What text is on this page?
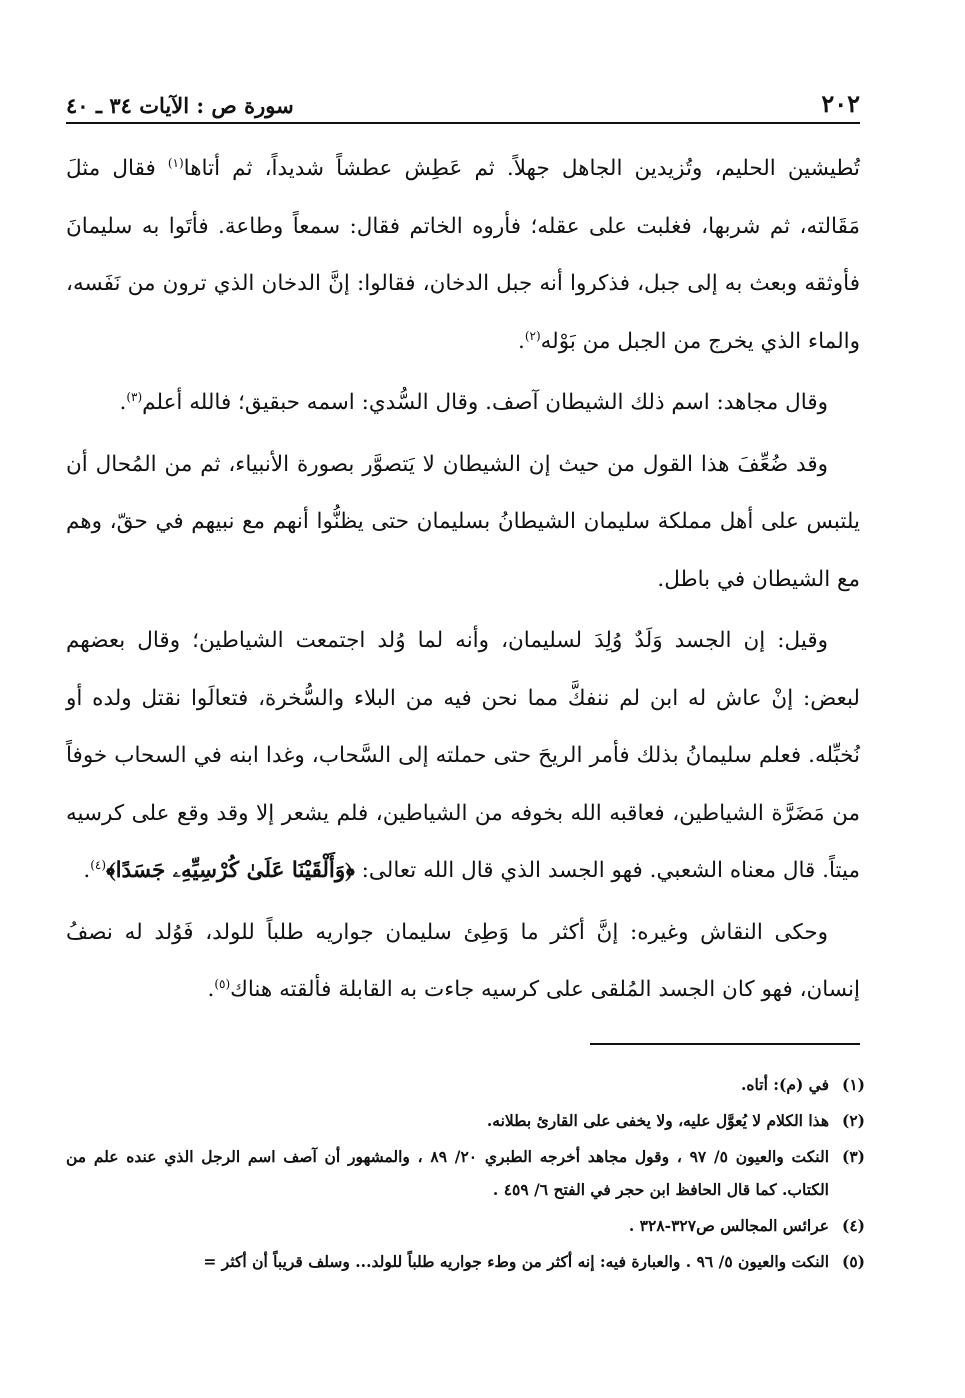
٢٠٢
سورة ص : الآيات ٣٤ ـ ٤٠

تُطيشين الحليم، وتُزيدين الجاهل جهلاً. ثم عَطِش عطشاً شديداً، ثم أتاها$^{(١)}$ فقال مثلَ مَقَالته، ثم شربها، فغلبت على عقله؛ فأروه الخاتم فقال: سمعاً وطاعة. فأتَوا به سليمانَ فأوثقه وبعث به إلى جبل، فذكروا أنه جبل الدخان، فقالوا: إنَّ الدخان الذي ترون من نَفَسه، والماء الذي يخرج من الجبل من بَوْله$^{(٢)}$.

وقال مجاهد: اسم ذلك الشيطان آصف. وقال السُّدي: اسمه حبقيق؛ فالله أعلم$^{(٣)}$.

وقد ضُعِّفَ هذا القول من حيث إن الشيطان لا يَتصوَّر بصورة الأنبياء، ثم من المُحال أن يلتبس على أهل مملكة سليمان الشيطانُ بسليمان حتى يظنُّوا أنهم مع نبيهم في حقّ، وهم مع الشيطان في باطل.

وقيل: إن الجسد وَلَدٌ وُلِدَ لسليمان، وأنه لما وُلد اجتمعت الشياطين؛ وقال بعضهم لبعض: إنْ عاش له ابن لم ننفكَّ مما نحن فيه من البلاء والسُّخرة، فتعالَوا نقتل ولده أو نُخبِّله. فعلم سليمانُ بذلك فأمر الريحَ حتى حملته إلى السَّحاب، وغدا ابنه في السحاب خوفاً من مَضَرَّة الشياطين، فعاقبه الله بخوفه من الشياطين، فلم يشعر إلا وقد وقع على كرسيه ميتاً. قال معناه الشعبي. فهو الجسد الذي قال الله تعالى: ﴿وَأَلْقَيْنَا عَلَىٰ كُرْسِيِّهِۦ جَسَدًا﴾$^{(٤)}$.

وحكى النقاش وغيره: إنَّ أكثر ما وَطِئ سليمان جواريه طلباً للولد، فَوُلد له نصفُ إنسان، فهو كان الجسد المُلقى على كرسيه جاءت به القابلة فألقته هناك$^{(٥)}$.

(١)
في (م): أتاه.
(٢)
هذا الكلام لا يُعوَّل عليه، ولا يخفى على القارئ بطلانه.
(٣)
النكت والعيون ٥/ ٩٧ ، وقول مجاهد أخرجه الطبري ٢٠/ ٨٩ ، والمشهور أن آصف اسم الرجل الذي عنده علم من الكتاب. كما قال الحافظ ابن حجر في الفتح ٦/ ٤٥٩ .
(٤)
عرائس المجالس ص٣٢٧-٣٢٨ .
(٥)
النكت والعيون ٥/ ٩٦ . والعبارة فيه: إنه أكثر من وطء جواريه طلباً للولد... وسلف قريباً أن أكثر =
